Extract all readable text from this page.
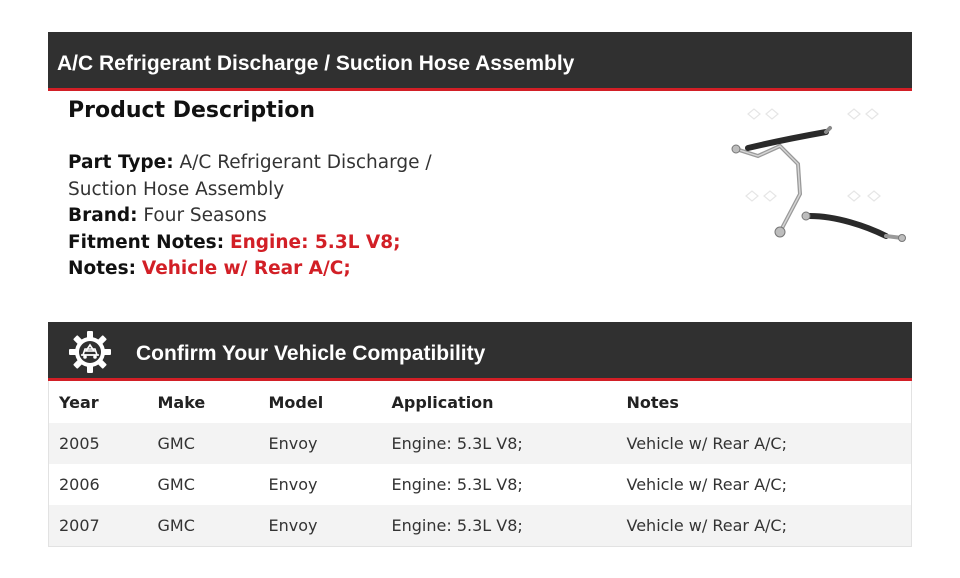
A/C Refrigerant Discharge / Suction Hose Assembly
Product Description
Part Type: A/C Refrigerant Discharge / Suction Hose Assembly
Brand: Four Seasons
Fitment Notes: Engine: 5.3L V8;
Notes: Vehicle w/ Rear A/C;
Confirm Your Vehicle Compatibility
Year	Make	Model	Application	Notes
2005	GMC	Envoy	Engine: 5.3L V8;	Vehicle w/ Rear A/C;
2006	GMC	Envoy	Engine: 5.3L V8;	Vehicle w/ Rear A/C;
2007	GMC	Envoy	Engine: 5.3L V8;	Vehicle w/ Rear A/C;
